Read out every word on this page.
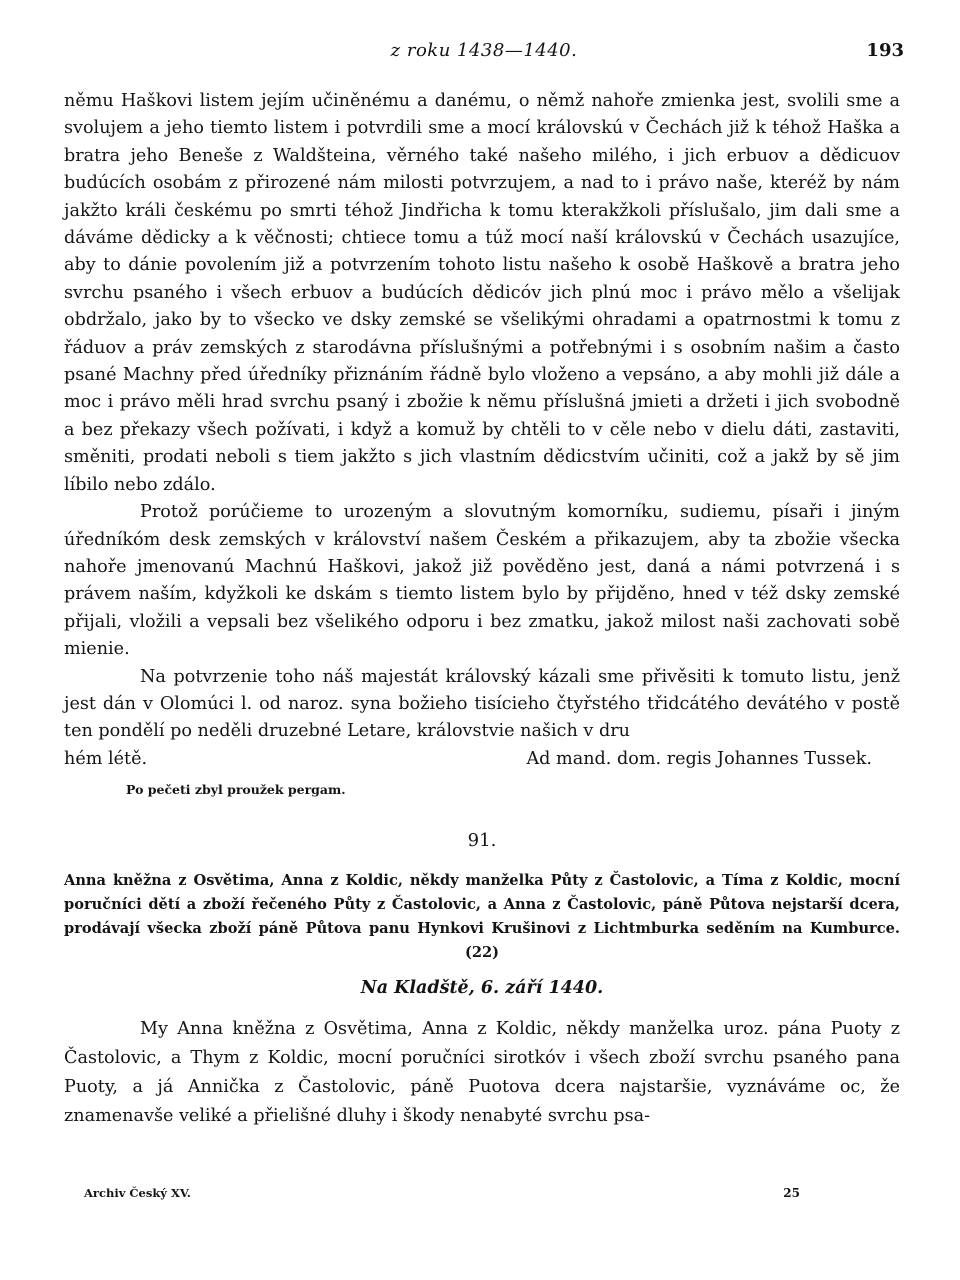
z roku 1438—1440.	193

němu Haškovi listem jejím učiněnému a danému, o němž nahoře zmienka jest, svolili sme a svolujem a jeho tiemto listem i potvrdili sme a mocí královskú v Čechách již k téhož Haška a bratra jeho Beneše z Waldšteina, věrného také našeho milého, i jich erbuov a dědicuov budúcích osobám z přirozené nám milosti potvrzujem, a nad to i právo naše, kteréž by nám jakžto králi českému po smrti téhož Jindřicha k tomu kterakžkoli příslušalo, jim dali sme a dáváme dědicky a k věčnosti; chtiece tomu a túž mocí naší královskú v Čechách usazujíce, aby to dánie povolením již a potvrzením tohoto listu našeho k osobě Haškově a bratra jeho svrchu psaného i všech erbuov a budúcích dědicóv jich plnú moc i právo mělo a všelijak obdržalo, jako by to všecko ve dsky zemské se všelikými ohradami a opatrnostmi k tomu z řáduov a práv zemských z starodávna příslušnými a potřebnými i s osobním našim a často psané Machny před úředníky přiznáním řádně bylo vloženo a vepsáno, a aby mohli již dále a moc i právo měli hrad svrchu psaný i zbožie k němu příslušná jmieti a držeti i jich svobodně a bez překazy všech požívati, i když a komuž by chtěli to v cěle nebo v dielu dáti, zastaviti, směniti, prodati neboli s tiem jakžto s jich vlastním dědicstvím učiniti, což a jakž by sě jim líbilo nebo zdálo.

Protož porúčieme to urozeným a slovutným komorníku, sudiemu, písaři i jiným úředníkóm desk zemských v království našem Českém a přikazujem, aby ta zbožie všecka nahoře jmenovanú Machnú Haškovi, jakož již pověděno jest, daná a námi potvrzená i s právem naším, kdyžkoli ke dskám s tiemto listem bylo by přijděno, hned v též dsky zemské přijali, vložili a vepsali bez všelikého odporu i bez zmatku, jakož milost naši zachovati sobě mienie.

Na potvrzenie toho náš majestát královský kázali sme přivěsiti k tomuto listu, jenž jest dán v Olomúci l. od naroz. syna božieho tisícieho čtyřstého třidcátého devátého v postě ten pondělí po neděli druzebné Letare, královstvie našich v dru

hém létě.	Ad mand. dom. regis Johannes Tussek.
Po pečeti zbyl proužek pergam.
91.
Anna kněžna z Osvětima, Anna z Koldic, někdy manželka Půty z Častolovic, a Tíma z Koldic, mocní poručníci dětí a zboží řečeného Půty z Častolovic, a Anna z Častolovic, páně Půtova nejstarší dcera, prodávají všecka zboží páně Půtova panu Hynkovi Krušinovi z Lichtmburka seděním na Kumburce. (22)
Na Kladště, 6. září 1440.

My Anna kněžna z Osvětima, Anna z Koldic, někdy manželka uroz. pána Puoty z Častolovic, a Thym z Koldic, mocní poručníci sirotkóv i všech zboží svrchu psaného pana Puoty, a já Annička z Častolovic, páně Puotova dcera najstaršie, vyznáváme oc, že znamenavše veliké a přielišné dluhy i škody nenabyté svrchu psa-

Archiv Český XV.	25
